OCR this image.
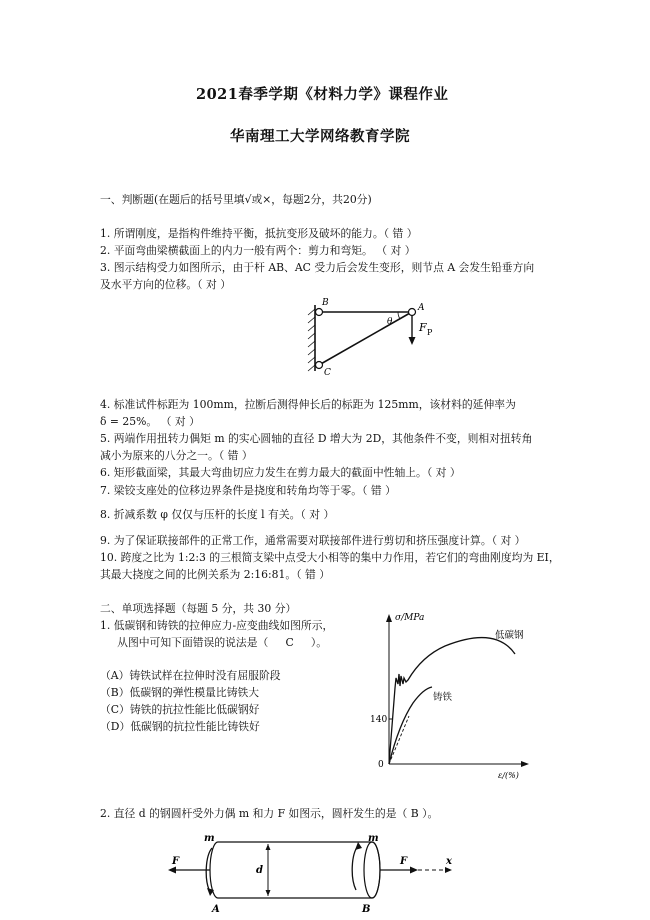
2021春季学期《材料力学》课程作业
华南理工大学网络教育学院
一、判断题(在题后的括号里填√或×，每题2分，共20分)
1. 所谓刚度，是指构件维持平衡，抵抗变形及破坏的能力。（ 错 ）
2. 平面弯曲梁横截面上的内力一般有两个：剪力和弯矩。 （ 对 ）
3. 图示结构受力如图所示，由于杆 AB、AC 受力后会发生变形，则节点 A 会发生铅垂方向
及水平方向的位移。（ 对 ）
B	A
C
θ F P
4. 标准试件标距为 100mm，拉断后测得伸长后的标距为 125mm，该材料的延伸率为
δ = 25%。 （ 对 ）
5. 两端作用扭转力偶矩 m 的实心圆轴的直径 D 增大为 2D，其他条件不变，则相对扭转角
减小为原来的八分之一。（ 错 ）
6. 矩形截面梁，其最大弯曲切应力发生在剪力最大的截面中性轴上。（ 对 ）
7. 梁铰支座处的位移边界条件是挠度和转角均等于零。（ 错 ）
8. 折减系数 φ 仅仅与压杆的长度 l 有关。（ 对 ）
9. 为了保证联接部件的正常工作，通常需要对联接部件进行剪切和挤压强度计算。（ 对 ）
10. 跨度之比为 1:2:3 的三根简支梁中点受大小相等的集中力作用，若它们的弯曲刚度均为 EI，
其最大挠度之间的比例关系为 2:16:81。（ 错 ）
二、单项选择题（每题 5 分，共 30 分）
1. 低碳钢和铸铁的拉伸应力-应变曲线如图所示，
从图中可知下面错误的说法是（     C     ）。
（A）铸铁试样在拉伸时没有屈服阶段
（B）低碳钢的弹性模量比铸铁大
（C）铸铁的抗拉性能比低碳钢好
（D）低碳钢的抗拉性能比铸铁好
σ/MPa
ε/(%)
140
0
低碳钢
铸铁
2. 直径 d 的钢圆杆受外力偶 m 和力 F 如图示，圆杆发生的是（ B ）。
m	m
F	F
d
x
A	B
